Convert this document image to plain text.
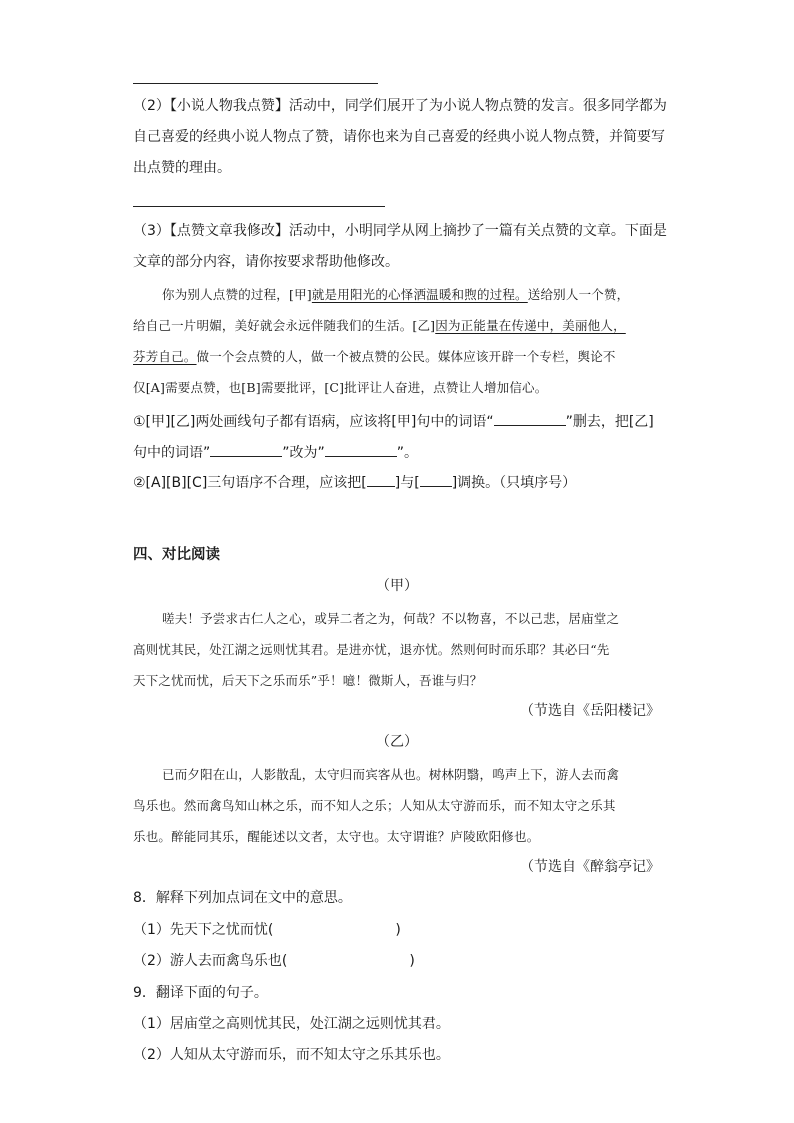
（2）【小说人物我点赞】活动中，同学们展开了为小说人物点赞的发言。很多同学都为
自己喜爱的经典小说人物点了赞，请你也来为自己喜爱的经典小说人物点赞，并简要写
出点赞的理由。
（3）【点赞文章我修改】活动中，小明同学从网上摘抄了一篇有关点赞的文章。下面是
文章的部分内容，请你按要求帮助他修改。
你为别人点赞的过程，[甲]就是用阳光的心怿洒温暖和煦的过程。送给别人一个赞，
给自己一片明媚，美好就会永远伴随我们的生活。[乙]因为正能量在传递中，美丽他人，
芬芳自己。做一个会点赞的人，做一个被点赞的公民。媒体应该开辟一个专栏，舆论不
仅[A]需要点赞，也[B]需要批评，[C]批评让人奋进，点赞让人增加信心。
①[甲][乙]两处画线句子都有语病，应该将[甲]句中的词语“	”删去，把[乙]
句中的词语”	”改为”	”。
②[A][B][C]三句语序不合理，应该把[ ]与[ ]调换。（只填序号）
四、对比阅读
（甲）
嗟夫！予尝求古仁人之心，或异二者之为，何哉？不以物喜，不以己悲，居庙堂之
高则忧其民，处江湖之远则忧其君。是进亦忧，退亦忧。然则何时而乐耶？其必曰“先
天下之忧而忧，后天下之乐而乐”乎！噫！微斯人，吾谁与归？
（节选自《岳阳楼记》
（乙）
已而夕阳在山，人影散乱，太守归而宾客从也。树林阴翳，鸣声上下，游人去而禽
鸟乐也。然而禽鸟知山林之乐，而不知人之乐；人知从太守游而乐，而不知太守之乐其
乐也。醉能同其乐，醒能述以文者，太守也。太守谓谁？庐陵欧阳修也。
（节选自《醉翁亭记》
8．解释下列加点词在文中的意思。
（1）先天下之忧而忧(	)
（2）游人去而禽鸟乐也(	)
9．翻译下面的句子。
（1）居庙堂之高则忧其民，处江湖之远则忧其君。
（2）人知从太守游而乐，而不知太守之乐其乐也。
